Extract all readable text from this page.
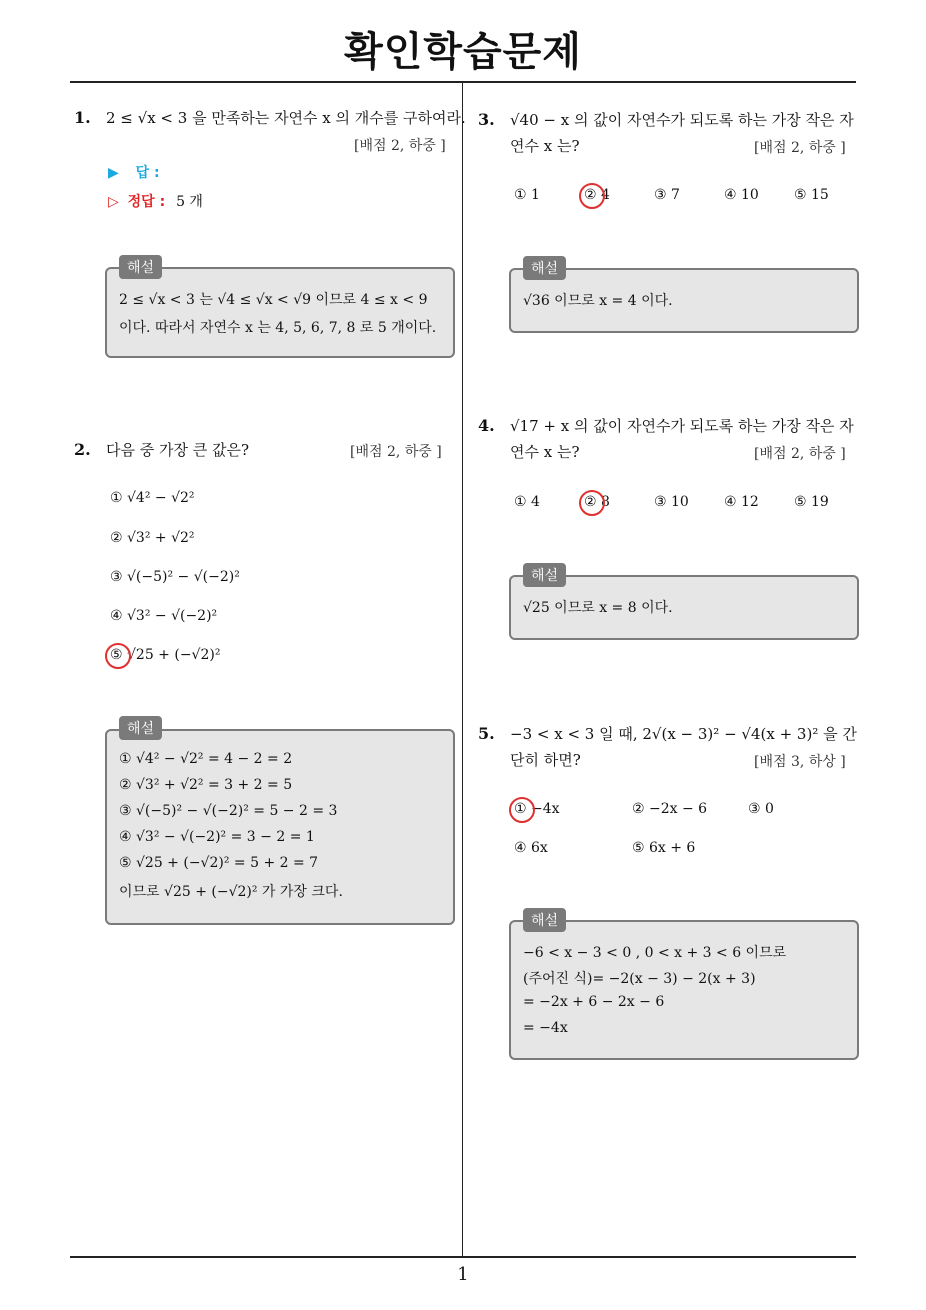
확인학습문제
1
1. 2 ≤ √x < 3 을 만족하는 자연수 x 의 개수를 구하여라.
[배점 2, 하중 ]
▶ 답 :
▷ 정답 : 5 개
2 ≤ √x < 3 는 √4 ≤ √x < √9 이므로 4 ≤ x < 9
이다. 따라서 자연수 x 는 4, 5, 6, 7, 8 로 5 개이다.
해설
2. 다음 중 가장 큰 값은?	[배점 2, 하중 ]
① √4² − √2²
② √3² + √2²
③ √(−5)² − √(−2)²
④ √3² − √(−2)²
⑤ √25 + (−√2)²
① √4² − √2² = 4 − 2 = 2
② √3² + √2² = 3 + 2 = 5
③ √(−5)² − √(−2)² = 5 − 2 = 3
④ √3² − √(−2)² = 3 − 2 = 1
⑤ √25 + (−√2)² = 5 + 2 = 7
이므로 √25 + (−√2)² 가 가장 크다.
해설
3. √40 − x 의 값이 자연수가 되도록 하는 가장 작은 자
연수 x 는?	[배점 2, 하중 ]
① 1	② 4	③ 7	④ 10	⑤ 15
√36 이므로 x = 4 이다.
해설
4. √17 + x 의 값이 자연수가 되도록 하는 가장 작은 자
연수 x 는?	[배점 2, 하중 ]
① 4	② 8	③ 10	④ 12	⑤ 19
√25 이므로 x = 8 이다.
해설
5. −3 < x < 3 일 때, 2√(x − 3)² − √4(x + 3)² 을 간
단히 하면?	[배점 3, 하상 ]
① −4x	② −2x − 6	③ 0
④ 6x	⑤ 6x + 6
−6 < x − 3 < 0 , 0 < x + 3 < 6 이므로
(주어진 식)= −2(x − 3) − 2(x + 3)
= −2x + 6 − 2x − 6
= −4x
해설
